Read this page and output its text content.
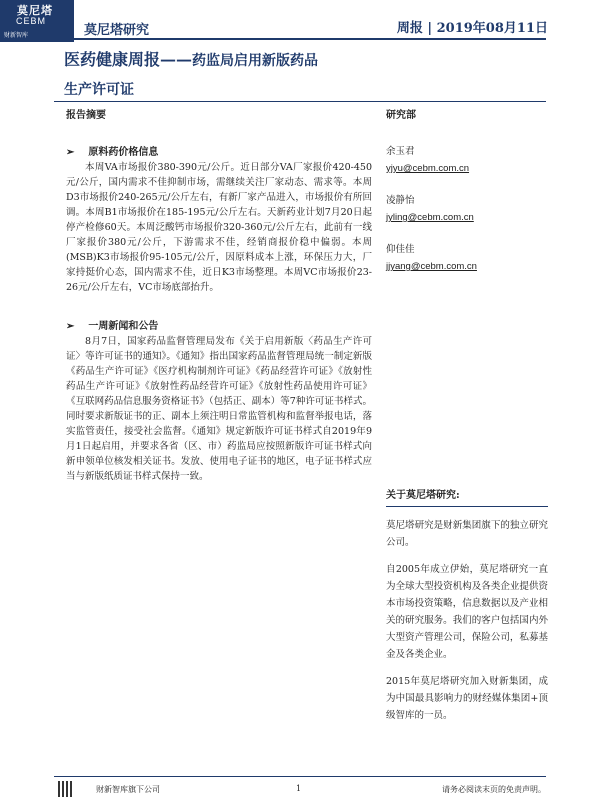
莫尼塔
CEBM
财新智库	莫尼塔研究	周报 | 2019年08月11日
医药健康周报——药监局启用新版药品
生产许可证

报告摘要

➢ 原料药价格信息

本周VA市场报价380-390元/公斤。近日部分VA厂家报价420-450元/公斤，国内需求不佳抑制市场，需继续关注厂家动态、需求等。本周D3市场报价240-265元/公斤左右，有新厂家产品进入，市场报价有所回调。本周B1市场报价在185-195元/公斤左右。天新药业计划7月20日起停产检修60天。本周泛酸钙市场报价320-360元/公斤左右，此前有一线厂家报价380元/公斤，下游需求不佳，经销商报价稳中偏弱。本周(MSB)K3市场报价95-105元/公斤，因原料成本上涨，环保压力大，厂家持挺价心态，国内需求不佳，近日K3市场整理。本周VC市场报价23-26元/公斤左右，VC市场底部抬升。

➢ 一周新闻和公告

8月7日，国家药品监督管理局发布《关于启用新版〈药品生产许可证〉等许可证书的通知》。《通知》指出国家药品监督管理局统一制定新版《药品生产许可证》《医疗机构制剂许可证》《药品经营许可证》《放射性药品生产许可证》《放射性药品经营许可证》《放射性药品使用许可证》《互联网药品信息服务资格证书》（包括正、副本）等7种许可证书样式。同时要求新版证书的正、副本上须注明日常监管机构和监督举报电话，落实监管责任，接受社会监督。《通知》规定新版许可证书样式自2019年9月1日起启用，并要求各省（区、市）药监局应按照新版许可证书样式向新申领单位核发相关证书。发放、使用电子证书的地区，电子证书样式应当与新版纸质证书样式保持一致。

研究部

余玉君

yjyu@cebm.com.cn

凌静怡

jyling@cebm.com.cn

仰佳佳

jjyang@cebm.com.cn

关于莫尼塔研究:

莫尼塔研究是财新集团旗下的独立研究公司。

自2005年成立伊始，莫尼塔研究一直为全球大型投资机构及各类企业提供资本市场投资策略，信息数据以及产业相关的研究服务。我们的客户包括国内外大型资产管理公司，保险公司，私募基金及各类企业。

2015年莫尼塔研究加入财新集团，成为中国最具影响力的财经媒体集团+顶级智库的一员。

财新智库旗下公司	1	请务必阅读末页的免责声明。
